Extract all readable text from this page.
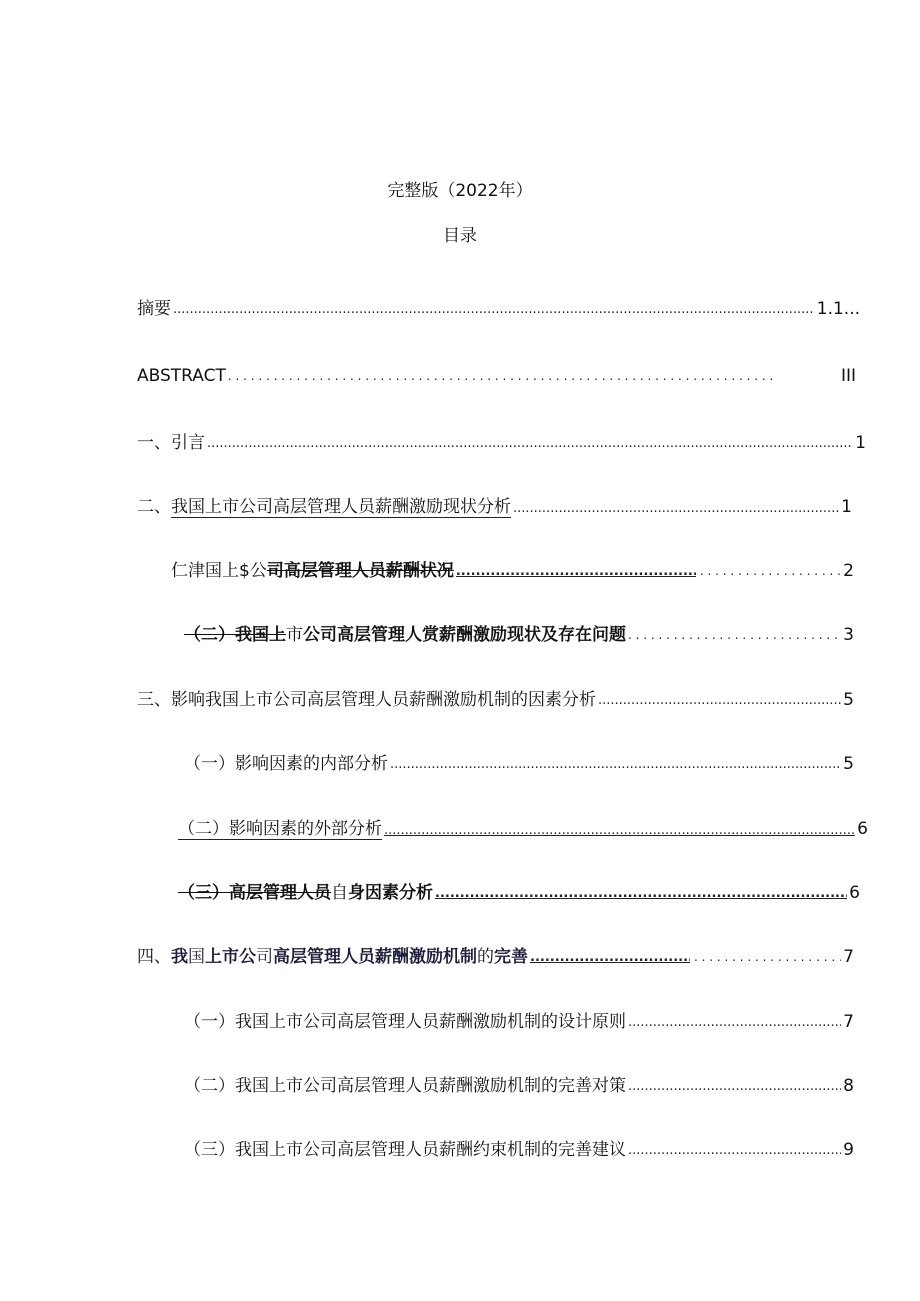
完整版（2022年）
目录
摘要 .....	1.1...
ABSTRACT . . .	III
一、引言 .....	1
二、 我国上市公司高层管理人员薪酬激励现状分析 .....	1
仁津国上$公 司高层管理人员薪酬状况 ..... . . .	2
（二）我国上 市 公 司高层管理人赏薪酬激励现状及存在问题 . . .	3
三、影响我国上市公司高层管理人员薪酬激励机制的因素分析 .....	5
（一）影响因素的内部分析 .....	5
（二）影响因素的外部分析 .....	6
（三）高层管理人员 自 身因素分析 .....	6
四、 我 国 上市公 司 高层管理人员薪酬激励机制 的 完善 ..... . . .	7
（一）我国上市公司高层管理人员薪酬激励机制的设计原则 .....	7
（二）我国上市公司高层管理人员薪酬激励机制的完善对策 .....	8
（三）我国上市公司高层管理人员薪酬约束机制的完善建议 .....	9
